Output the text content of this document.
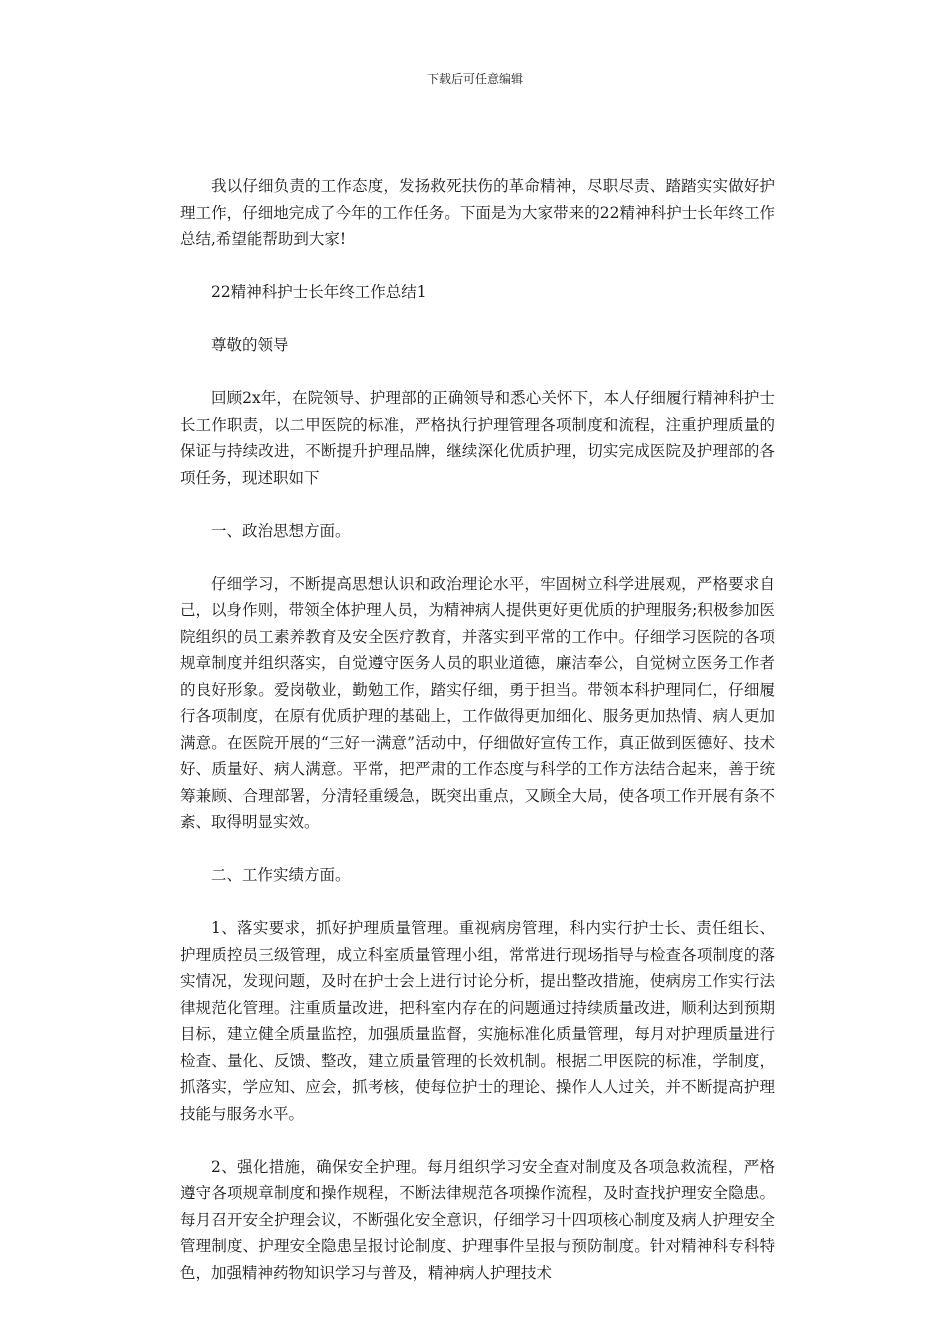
下载后可任意编辑

我以仔细负责的工作态度，发扬救死扶伤的革命精神，尽职尽责、踏踏实实做好护理工作，仔细地完成了今年的工作任务。下面是为大家带来的22精神科护士长年终工作总结,希望能帮助到大家!

22精神科护士长年终工作总结1

尊敬的领导

回顾2x年，在院领导、护理部的正确领导和悉心关怀下，本人仔细履行精神科护士长工作职责，以二甲医院的标准，严格执行护理管理各项制度和流程，注重护理质量的保证与持续改进，不断提升护理品牌，继续深化优质护理，切实完成医院及护理部的各项任务，现述职如下

一、政治思想方面。

仔细学习，不断提高思想认识和政治理论水平，牢固树立科学进展观，严格要求自己，以身作则，带领全体护理人员，为精神病人提供更好更优质的护理服务;积极参加医院组织的员工素养教育及安全医疗教育，并落实到平常的工作中。仔细学习医院的各项规章制度并组织落实，自觉遵守医务人员的职业道德，廉洁奉公，自觉树立医务工作者的良好形象。爱岗敬业，勤勉工作，踏实仔细，勇于担当。带领本科护理同仁，仔细履行各项制度，在原有优质护理的基础上，工作做得更加细化、服务更加热情、病人更加满意。在医院开展的“三好一满意”活动中，仔细做好宣传工作，真正做到医德好、技术好、质量好、病人满意。平常，把严肃的工作态度与科学的工作方法结合起来，善于统筹兼顾、合理部署，分清轻重缓急，既突出重点，又顾全大局，使各项工作开展有条不紊、取得明显实效。

二、工作实绩方面。

1、落实要求，抓好护理质量管理。重视病房管理，科内实行护士长、责任组长、护理质控员三级管理，成立科室质量管理小组，常常进行现场指导与检查各项制度的落实情况，发现问题，及时在护士会上进行讨论分析，提出整改措施，使病房工作实行法律规范化管理。注重质量改进，把科室内存在的问题通过持续质量改进，顺利达到预期目标，建立健全质量监控，加强质量监督，实施标准化质量管理，每月对护理质量进行检查、量化、反馈、整改，建立质量管理的长效机制。根据二甲医院的标准，学制度，抓落实，学应知、应会，抓考核，使每位护士的理论、操作人人过关，并不断提高护理技能与服务水平。

2、强化措施，确保安全护理。每月组织学习安全查对制度及各项急救流程，严格遵守各项规章制度和操作规程，不断法律规范各项操作流程，及时查找护理安全隐患。每月召开安全护理会议，不断强化安全意识，仔细学习十四项核心制度及病人护理安全管理制度、护理安全隐患呈报讨论制度、护理事件呈报与预防制度。针对精神科专科特色，加强精神药物知识学习与普及，精神病人护理技术
